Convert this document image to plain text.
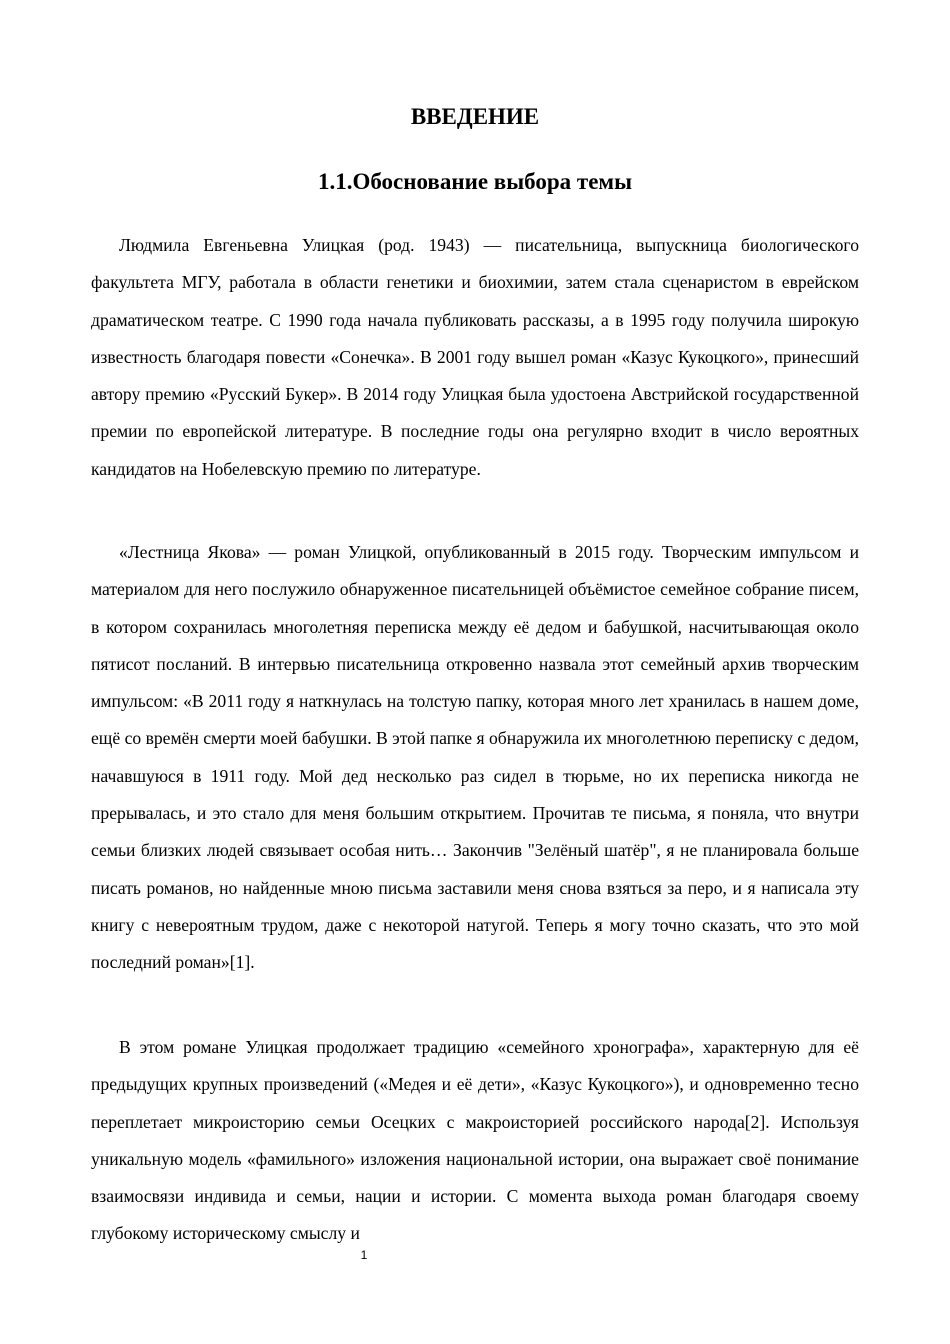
ВВЕДЕНИЕ
1.1.Обоснование выбора темы

Людмила Евгеньевна Улицкая (род. 1943) — писательница, выпускница биологического факультета МГУ, работала в области генетики и биохимии, затем стала сценаристом в еврейском драматическом театре. С 1990 года начала публиковать рассказы, а в 1995 году получила широкую известность благодаря повести «Сонечка». В 2001 году вышел роман «Казус Кукоцкого», принесший автору премию «Русский Букер». В 2014 году Улицкая была удостоена Австрийской государственной премии по европейской литературе. В последние годы она регулярно входит в число вероятных кандидатов на Нобелевскую премию по литературе.

«Лестница Якова» — роман Улицкой, опубликованный в 2015 году. Творческим импульсом и материалом для него послужило обнаруженное писательницей объёмистое семейное собрание писем, в котором сохранилась многолетняя переписка между её дедом и бабушкой, насчитывающая около пятисот посланий. В интервью писательница откровенно назвала этот семейный архив творческим импульсом: «В 2011 году я наткнулась на толстую папку, которая много лет хранилась в нашем доме, ещё со времён смерти моей бабушки. В этой папке я обнаружила их многолетнюю переписку с дедом, начавшуюся в 1911 году. Мой дед несколько раз сидел в тюрьме, но их переписка никогда не прерывалась, и это стало для меня большим открытием. Прочитав те письма, я поняла, что внутри семьи близких людей связывает особая нить… Закончив "Зелёный шатёр", я не планировала больше писать романов, но найденные мною письма заставили меня снова взяться за перо, и я написала эту книгу с невероятным трудом, даже с некоторой натугой. Теперь я могу точно сказать, что это мой последний роман»[1].

В этом романе Улицкая продолжает традицию «семейного хронографа», характерную для её предыдущих крупных произведений («Медея и её дети», «Казус Кукоцкого»), и одновременно тесно переплетает микроисторию семьи Осецких с макроисторией российского народа[2]. Используя уникальную модель «фамильного» изложения национальной истории, она выражает своё понимание взаимосвязи индивида и семьи, нации и истории. С момента выхода роман благодаря своему глубокому историческому смыслу и

1
